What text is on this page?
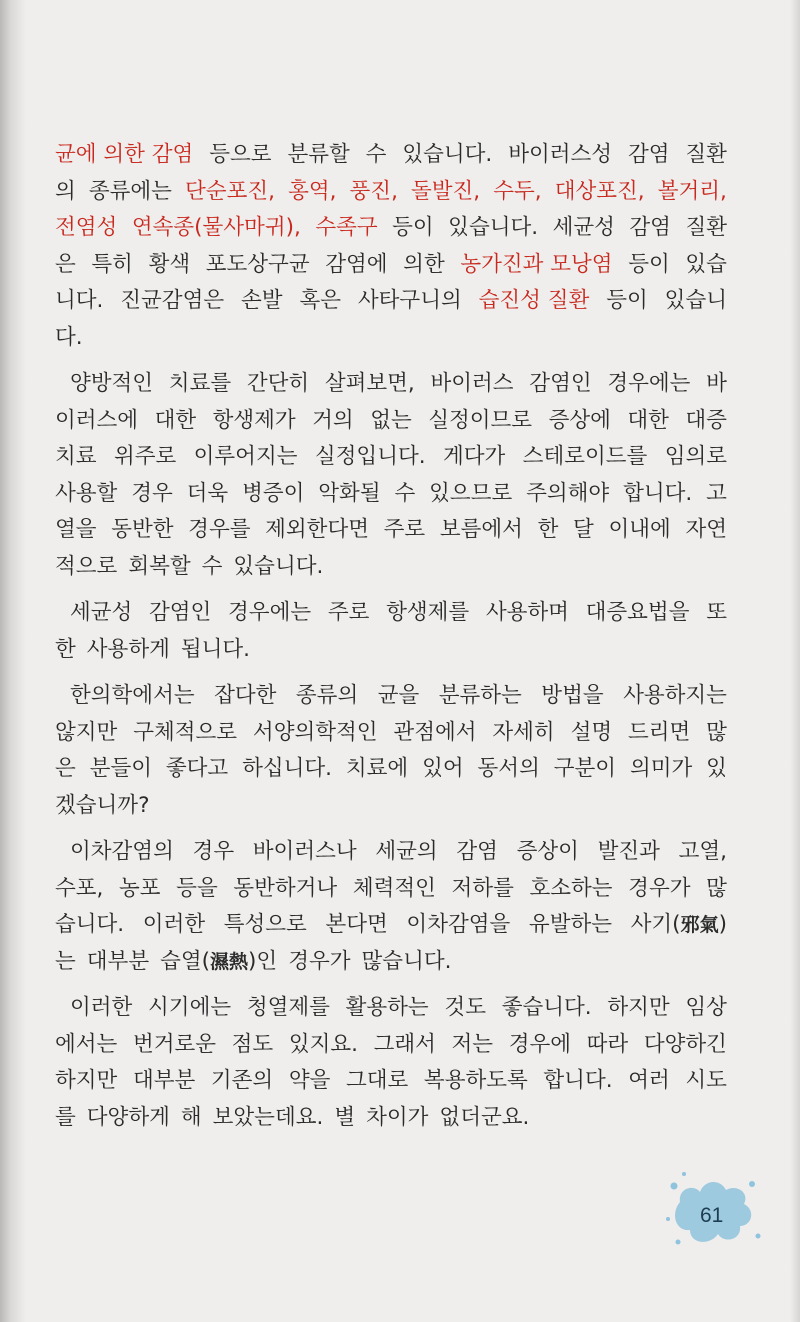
균에 의한 감염 등으로 분류할 수 있습니다. 바이러스성 감염 질환
의 종류에는 단순포진, 홍역, 풍진, 돌발진, 수두, 대상포진, 볼거리,
전염성 연속종(물사마귀), 수족구 등이 있습니다. 세균성 감염 질환
은 특히 황색 포도상구균 감염에 의한 농가진과 모낭염 등이 있습
니다. 진균감염은 손발 혹은 사타구니의 습진성 질환 등이 있습니
다.
양방적인 치료를 간단히 살펴보면, 바이러스 감염인 경우에는 바
이러스에 대한 항생제가 거의 없는 실정이므로 증상에 대한 대증
치료 위주로 이루어지는 실정입니다. 게다가 스테로이드를 임의로
사용할 경우 더욱 병증이 악화될 수 있으므로 주의해야 합니다. 고
열을 동반한 경우를 제외한다면 주로 보름에서 한 달 이내에 자연
적으로 회복할 수 있습니다.
세균성 감염인 경우에는 주로 항생제를 사용하며 대증요법을 또
한 사용하게 됩니다.
한의학에서는 잡다한 종류의 균을 분류하는 방법을 사용하지는
않지만 구체적으로 서양의학적인 관점에서 자세히 설명 드리면 많
은 분들이 좋다고 하십니다. 치료에 있어 동서의 구분이 의미가 있
겠습니까?
이차감염의 경우 바이러스나 세균의 감염 증상이 발진과 고열,
수포, 농포 등을 동반하거나 체력적인 저하를 호소하는 경우가 많
습니다. 이러한 특성으로 본다면 이차감염을 유발하는 사기(邪氣)
는 대부분 습열(濕熱)인 경우가 많습니다.
이러한 시기에는 청열제를 활용하는 것도 좋습니다. 하지만 임상
에서는 번거로운 점도 있지요. 그래서 저는 경우에 따라 다양하긴
하지만 대부분 기존의 약을 그대로 복용하도록 합니다. 여러 시도
를 다양하게 해 보았는데요. 별 차이가 없더군요.
61
